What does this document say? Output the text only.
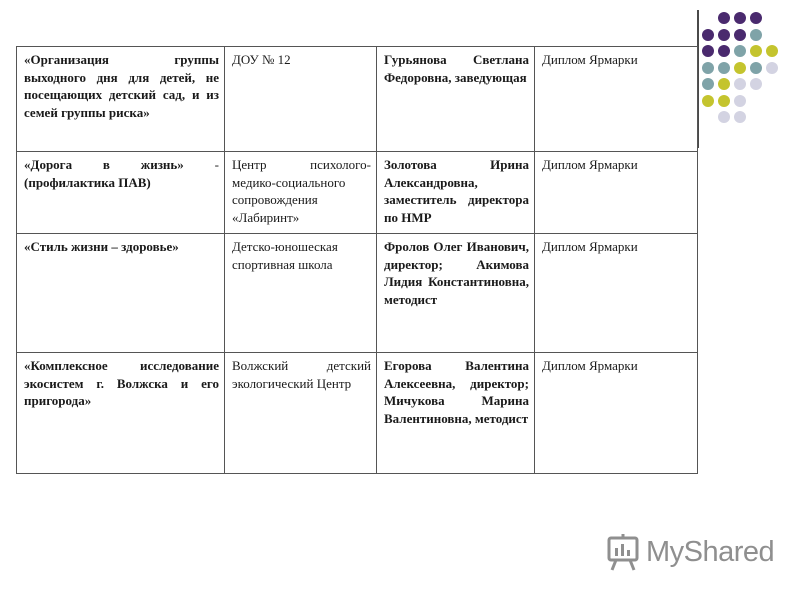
«Организация группы выходного дня для детей, не посещающих детский сад, и из семей группы риска»	ДОУ № 12	Гурьянова Светлана Федоровна, заведующая	Диплом Ярмарки
«Дорога в жизнь» - (профилактика ПАВ)	Центр психолого-медико-социального сопровождения «Лабиринт»	Золотова Ирина Александровна, заместитель директора по НМР	Диплом Ярмарки
«Стиль жизни – здоровье»	Детско-юношеская спортивная школа	Фролов Олег Иванович, директор; Акимова Лидия Константиновна, методист	Диплом Ярмарки
«Комплексное исследование экосистем г. Волжска и его пригорода»	Волжский детский экологический Центр	Егорова Валентина Алексеевна, директор; Мичукова Марина Валентиновна, методист	Диплом Ярмарки
MyShared
